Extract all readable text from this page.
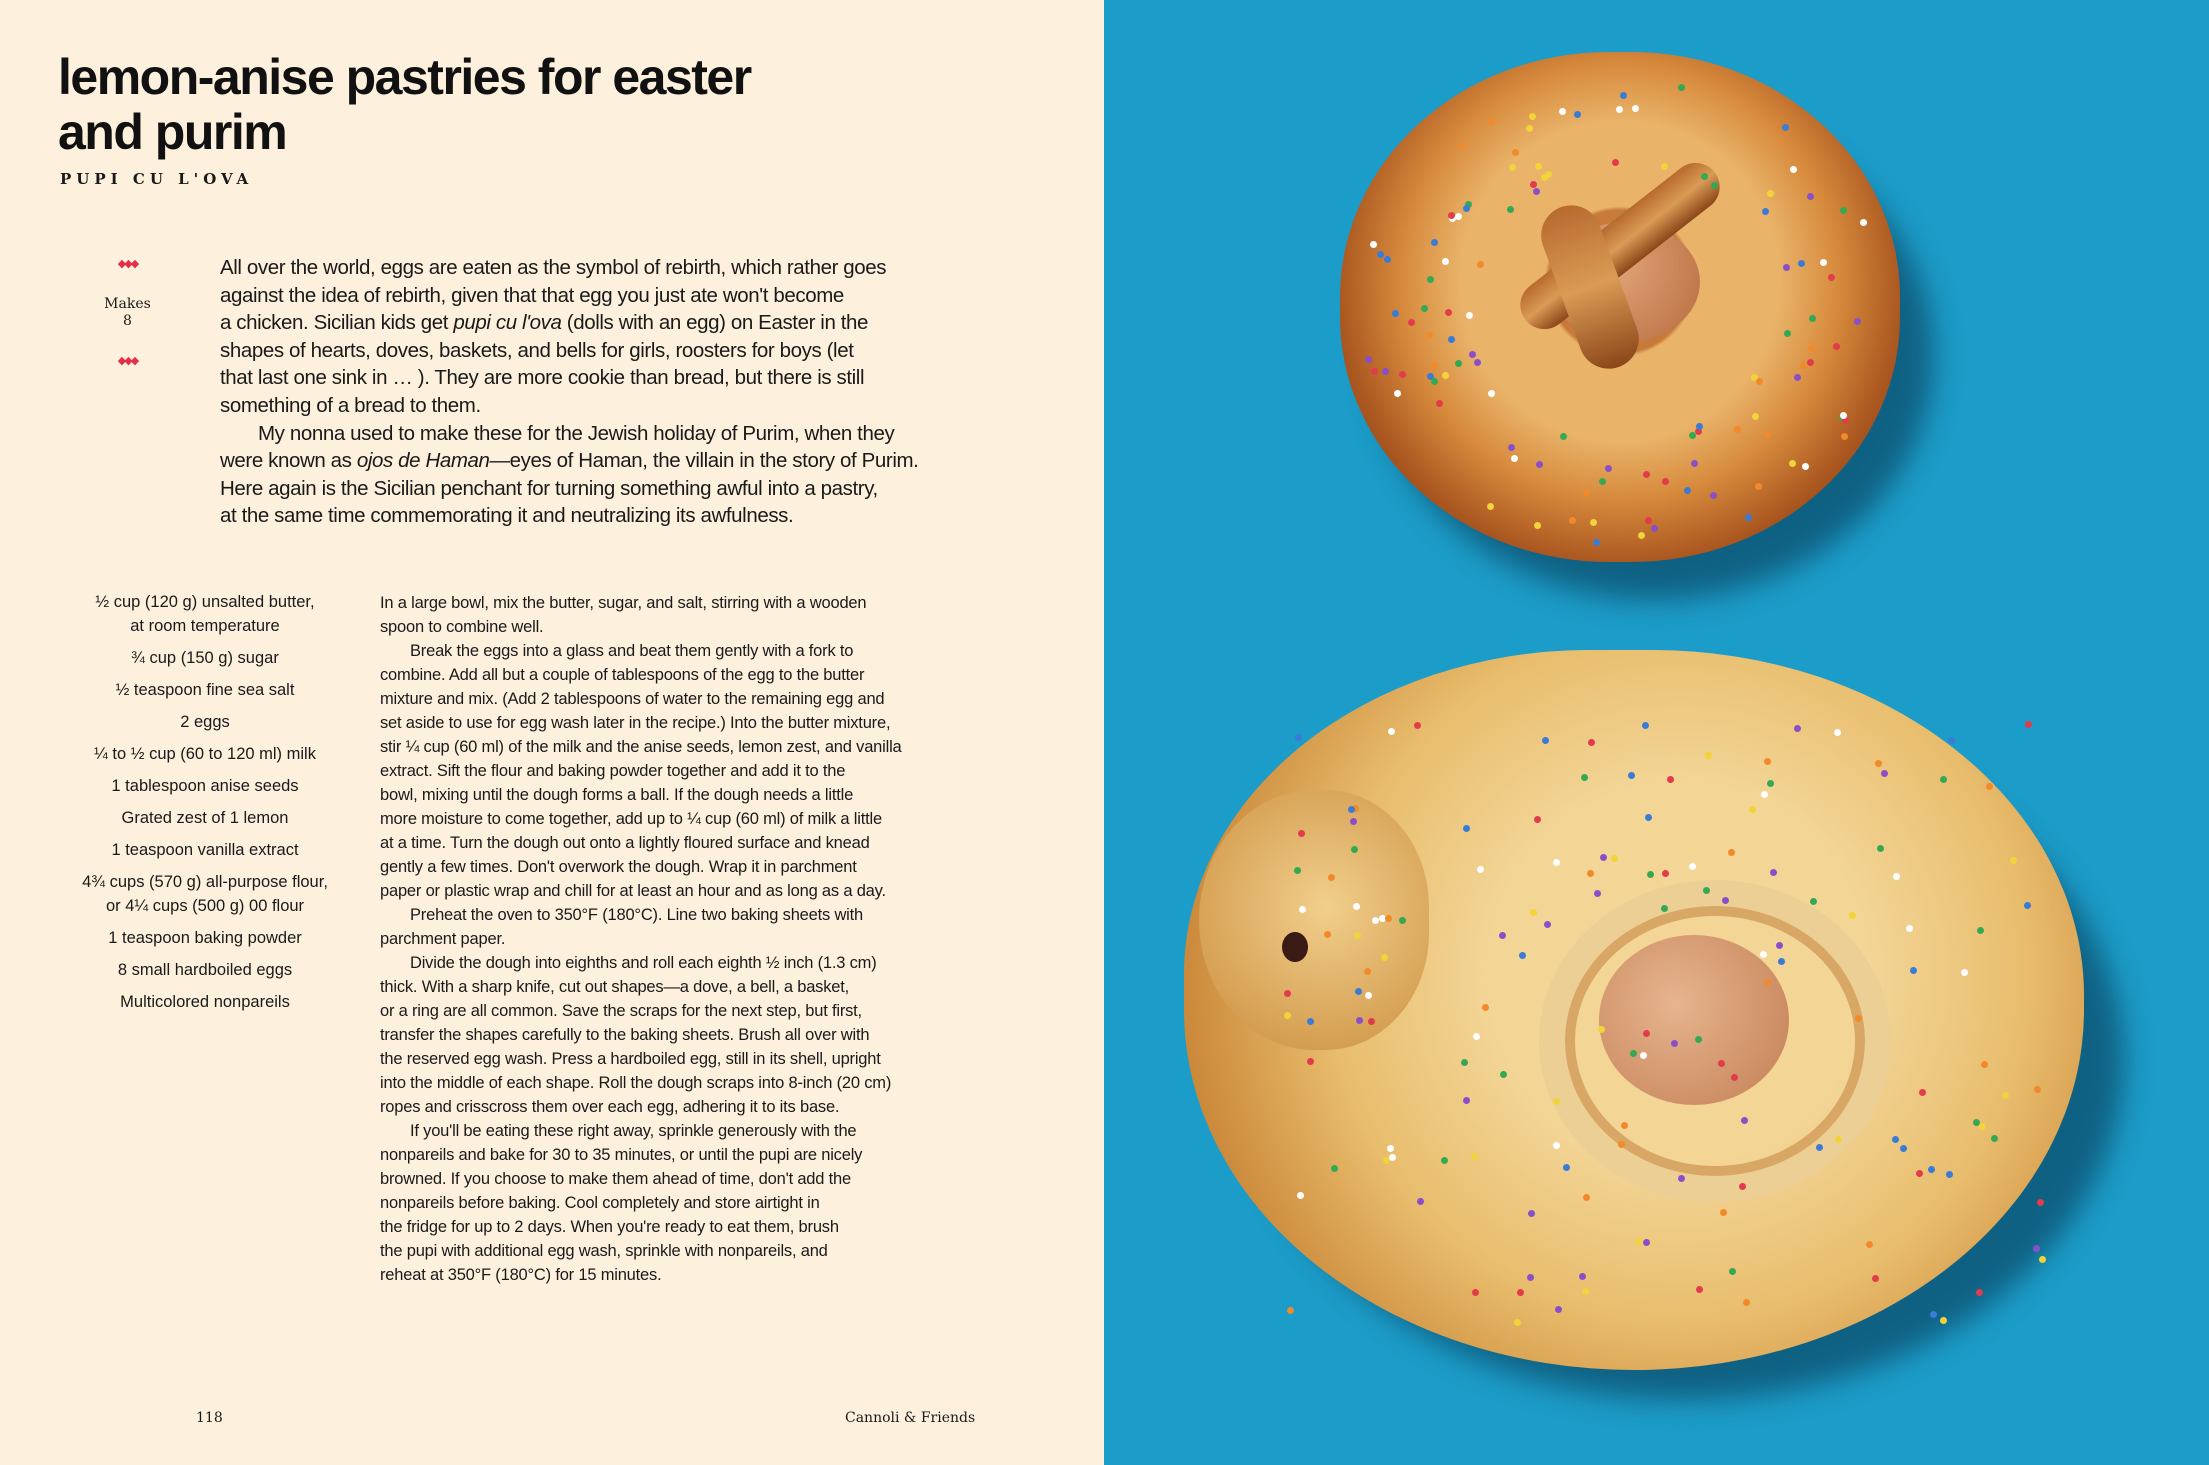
lemon-anise pastries for easter
and purim
PUPI CU L'OVA
◆◆◆
Makes
8
◆◆◆
All over the world, eggs are eaten as the symbol of rebirth, which rather goes
against the idea of rebirth, given that that egg you just ate won't become
a chicken. Sicilian kids get pupi cu l'ova (dolls with an egg) on Easter in the
shapes of hearts, doves, baskets, and bells for girls, roosters for boys (let
that last one sink in … ). They are more cookie than bread, but there is still
something of a bread to them.
My nonna used to make these for the Jewish holiday of Purim, when they
were known as ojos de Haman—eyes of Haman, the villain in the story of Purim.
Here again is the Sicilian penchant for turning something awful into a pastry,
at the same time commemorating it and neutralizing its awfulness.
½ cup (120 g) unsalted butter,
at room temperature
¾ cup (150 g) sugar
½ teaspoon fine sea salt
2 eggs
¼ to ½ cup (60 to 120 ml) milk
1 tablespoon anise seeds
Grated zest of 1 lemon
1 teaspoon vanilla extract
4¾ cups (570 g) all-purpose flour,
or 4¼ cups (500 g) 00 flour
1 teaspoon baking powder
8 small hardboiled eggs
Multicolored nonpareils
In a large bowl, mix the butter, sugar, and salt, stirring with a wooden
spoon to combine well.
Break the eggs into a glass and beat them gently with a fork to
combine. Add all but a couple of tablespoons of the egg to the butter
mixture and mix. (Add 2 tablespoons of water to the remaining egg and
set aside to use for egg wash later in the recipe.) Into the butter mixture,
stir ¼ cup (60 ml) of the milk and the anise seeds, lemon zest, and vanilla
extract. Sift the flour and baking powder together and add it to the
bowl, mixing until the dough forms a ball. If the dough needs a little
more moisture to come together, add up to ¼ cup (60 ml) of milk a little
at a time. Turn the dough out onto a lightly floured surface and knead
gently a few times. Don't overwork the dough. Wrap it in parchment
paper or plastic wrap and chill for at least an hour and as long as a day.
Preheat the oven to 350°F (180°C). Line two baking sheets with
parchment paper.
Divide the dough into eighths and roll each eighth ½ inch (1.3 cm)
thick. With a sharp knife, cut out shapes—a dove, a bell, a basket,
or a ring are all common. Save the scraps for the next step, but first,
transfer the shapes carefully to the baking sheets. Brush all over with
the reserved egg wash. Press a hardboiled egg, still in its shell, upright
into the middle of each shape. Roll the dough scraps into 8-inch (20 cm)
ropes and crisscross them over each egg, adhering it to its base.
If you'll be eating these right away, sprinkle generously with the
nonpareils and bake for 30 to 35 minutes, or until the pupi are nicely
browned. If you choose to make them ahead of time, don't add the
nonpareils before baking. Cool completely and store airtight in
the fridge for up to 2 days. When you're ready to eat them, brush
the pupi with additional egg wash, sprinkle with nonpareils, and
reheat at 350°F (180°C) for 15 minutes.
118	Cannoli & Friends
